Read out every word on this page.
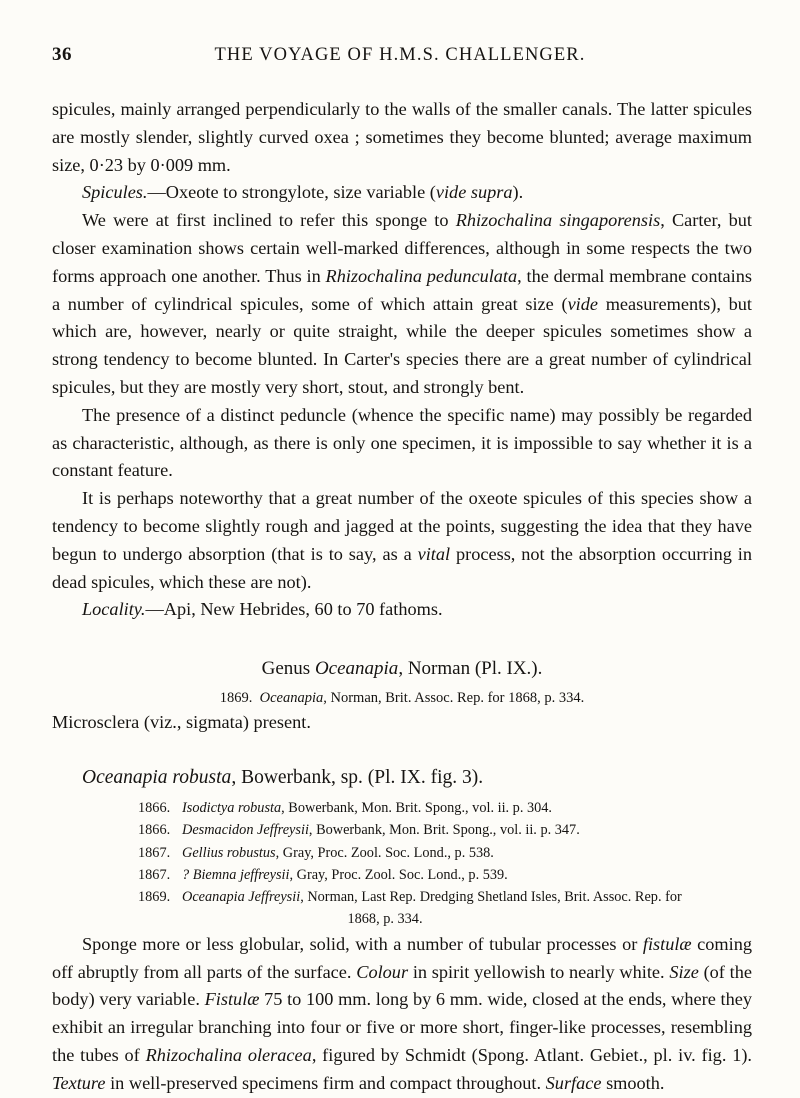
36	THE VOYAGE OF H.M.S. CHALLENGER.

spicules, mainly arranged perpendicularly to the walls of the smaller canals. The latter spicules are mostly slender, slightly curved oxea ; sometimes they become blunted; average maximum size, 0·23 by 0·009 mm.

Spicules.—Oxeote to strongylote, size variable (vide supra).

We were at first inclined to refer this sponge to Rhizochalina singaporensis, Carter, but closer examination shows certain well-marked differences, although in some respects the two forms approach one another. Thus in Rhizochalina pedunculata, the dermal membrane contains a number of cylindrical spicules, some of which attain great size (vide measurements), but which are, however, nearly or quite straight, while the deeper spicules sometimes show a strong tendency to become blunted. In Carter's species there are a great number of cylindrical spicules, but they are mostly very short, stout, and strongly bent.

The presence of a distinct peduncle (whence the specific name) may possibly be regarded as characteristic, although, as there is only one specimen, it is impossible to say whether it is a constant feature.

It is perhaps noteworthy that a great number of the oxeote spicules of this species show a tendency to become slightly rough and jagged at the points, suggesting the idea that they have begun to undergo absorption (that is to say, as a vital process, not the absorption occurring in dead spicules, which these are not).

Locality.—Api, New Hebrides, 60 to 70 fathoms.

Genus Oceanapia, Norman (Pl. IX.).
1869. Oceanapia, Norman, Brit. Assoc. Rep. for 1868, p. 334.

Microsclera (viz., sigmata) present.

Oceanapia robusta, Bowerbank, sp. (Pl. IX. fig. 3).
1866. Isodictya robusta, Bowerbank, Mon. Brit. Spong., vol. ii. p. 304.
1866. Desmacidon Jeffreysii, Bowerbank, Mon. Brit. Spong., vol. ii. p. 347.
1867. Gellius robustus, Gray, Proc. Zool. Soc. Lond., p. 538.
1867. ? Biemna jeffreysii, Gray, Proc. Zool. Soc. Lond., p. 539.
1869. Oceanapia Jeffreysii, Norman, Last Rep. Dredging Shetland Isles, Brit. Assoc. Rep. for
1868, p. 334.

Sponge more or less globular, solid, with a number of tubular processes or fistulæ coming off abruptly from all parts of the surface. Colour in spirit yellowish to nearly white. Size (of the body) very variable. Fistulæ 75 to 100 mm. long by 6 mm. wide, closed at the ends, where they exhibit an irregular branching into four or five or more short, finger-like processes, resembling the tubes of Rhizochalina oleracea, figured by Schmidt (Spong. Atlant. Gebiet., pl. iv. fig. 1). Texture in well-preserved specimens firm and compact throughout. Surface smooth.
